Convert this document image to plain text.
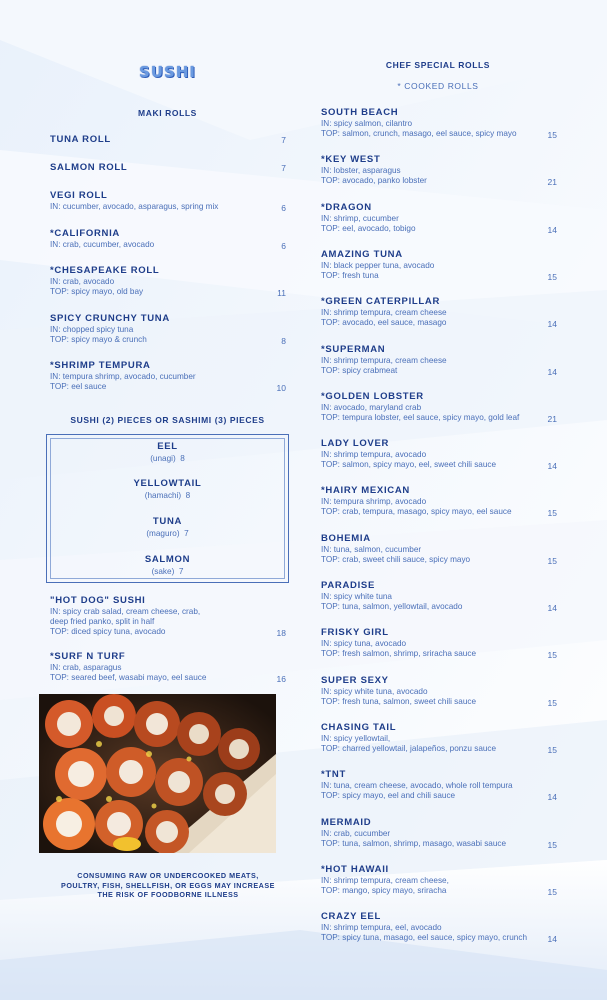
SUSHI
MAKI ROLLS
TUNA ROLL	7
SALMON ROLL	7
VEGI ROLL
IN: cucumber, avocado, asparagus, spring mix	6
*CALIFORNIA
IN: crab, cucumber, avocado	6
*CHESAPEAKE ROLL
IN: crab, avocado
TOP: spicy mayo, old bay	11
SPICY CRUNCHY TUNA
IN: chopped spicy tuna
TOP: spicy mayo & crunch	8
*SHRIMP TEMPURA
IN: tempura shrimp, avocado, cucumber
TOP: eel sauce	10
SUSHI (2) PIECES OR SASHIMI (3) PIECES
EEL
(unagi)  8
YELLOWTAIL
(hamachi)  8
TUNA
(maguro)  7
SALMON
(sake)  7
"HOT DOG" SUSHI
IN: spicy crab salad, cream cheese, crab,
deep fried panko, split in half
TOP: diced spicy tuna, avocado	18
*SURF N TURF
IN: crab, asparagus
TOP: seared beef, wasabi mayo, eel sauce	16
CONSUMING RAW OR UNDERCOOKED MEATS,
POULTRY, FISH, SHELLFISH, OR EGGS MAY INCREASE
THE RISK OF FOODBORNE ILLNESS
CHEF SPECIAL ROLLS
* COOKED ROLLS
SOUTH BEACH
IN: spicy salmon, cilantro
TOP: salmon, crunch, masago, eel sauce, spicy mayo	15
*KEY WEST
IN: lobster, asparagus
TOP: avocado, panko lobster	21
*DRAGON
IN: shrimp, cucumber
TOP: eel, avocado, tobigo	14
AMAZING TUNA
IN: black pepper tuna, avocado
TOP: fresh tuna	15
*GREEN CATERPILLAR
IN: shrimp tempura, cream cheese
TOP: avocado, eel sauce, masago	14
*SUPERMAN
IN: shrimp tempura, cream cheese
TOP: spicy crabmeat	14
*GOLDEN LOBSTER
IN: avocado, maryland crab
TOP: tempura lobster, eel sauce, spicy mayo, gold leaf	21
LADY LOVER
IN: shrimp tempura, avocado
TOP: salmon, spicy mayo, eel, sweet chili sauce	14
*HAIRY MEXICAN
IN: tempura shrimp, avocado
TOP: crab, tempura, masago, spicy mayo, eel sauce	15
BOHEMIA
IN: tuna, salmon, cucumber
TOP: crab, sweet chili sauce, spicy mayo	15
PARADISE
IN: spicy white tuna
TOP: tuna, salmon, yellowtail, avocado	14
FRISKY GIRL
IN: spicy tuna, avocado
TOP: fresh salmon, shrimp, sriracha sauce	15
SUPER SEXY
IN: spicy white tuna, avocado
TOP: fresh tuna, salmon, sweet chili sauce	15
CHASING TAIL
IN: spicy yellowtail,
TOP: charred yellowtail, jalapeños, ponzu sauce	15
*TNT
IN: tuna, cream cheese, avocado, whole roll tempura
TOP: spicy mayo, eel and chili sauce	14
MERMAID
IN: crab, cucumber
TOP: tuna, salmon, shrimp, masago, wasabi sauce	15
*HOT HAWAII
IN: shrimp tempura, cream cheese,
TOP: mango, spicy mayo, sriracha	15
CRAZY EEL
IN: shrimp tempura, eel, avocado
TOP: spicy tuna, masago, eel sauce, spicy mayo, crunch	14
